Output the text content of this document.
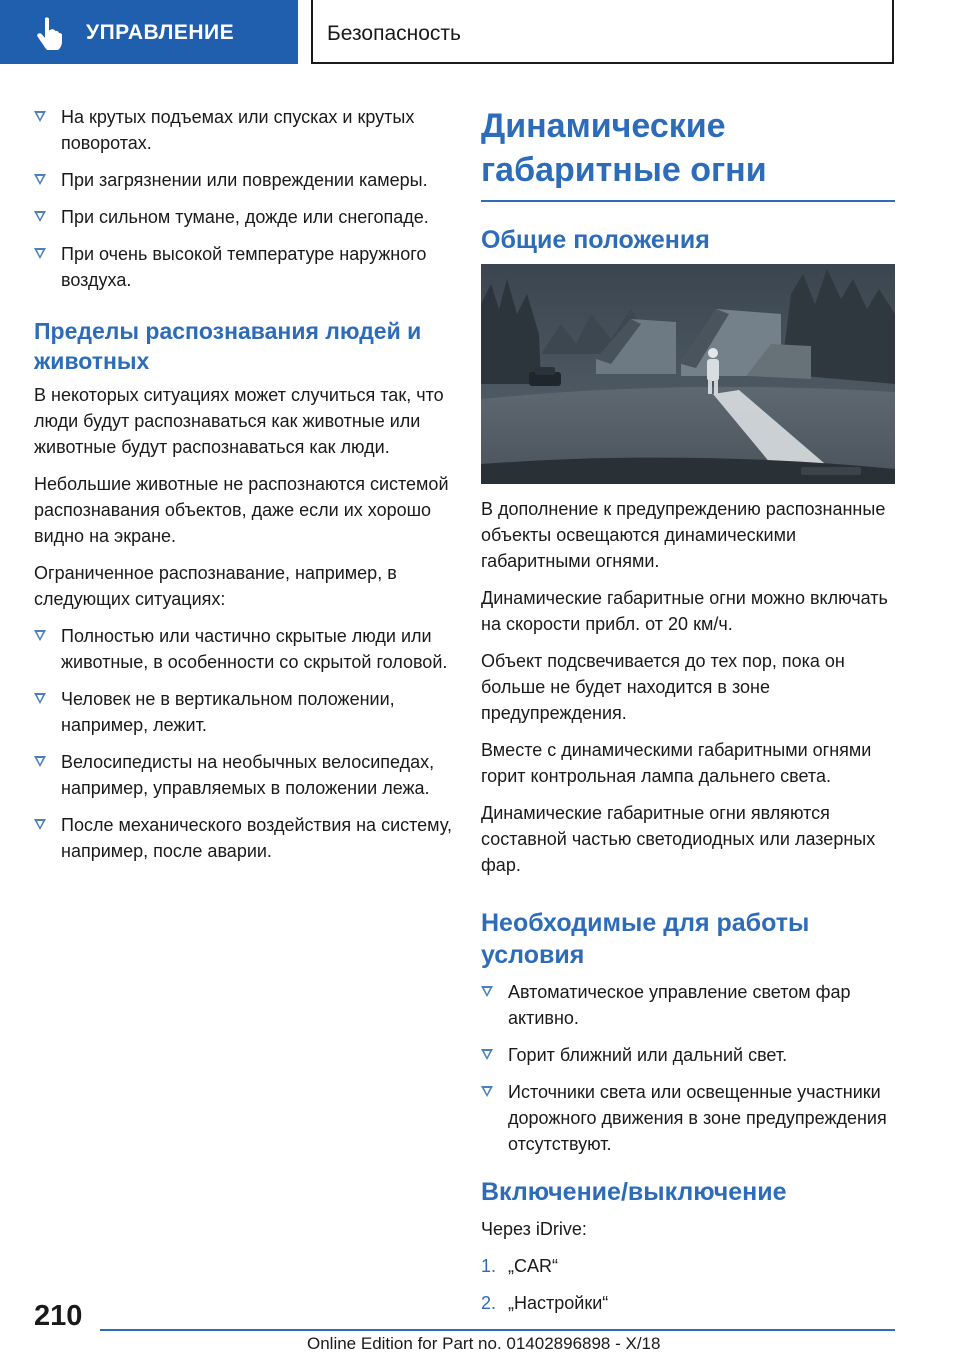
УПРАВЛЕНИЕ	Безопасность
На крутых подъемах или спусках и крутых поворотах.
При загрязнении или повреждении камеры.
При сильном тумане, дожде или снегопаде.
При очень высокой температуре наружного воздуха.
Пределы распознавания людей и животных

В некоторых ситуациях может случиться так, что люди будут распознаваться как животные или животные будут распознаваться как люди.

Небольшие животные не распознаются системой распознавания объектов, даже если их хорошо видно на экране.

Ограниченное распознавание, например, в следующих ситуациях:

Полностью или частично скрытые люди или животные, в особенности со скрытой головой.
Человек не в вертикальном положении, например, лежит.
Велосипедисты на необычных велосипедах, например, управляемых в положении лежа.
После механического воздействия на систему, например, после аварии.
Динамические габаритные огни
Общие положения

В дополнение к предупреждению распознанные объекты освещаются динамическими габаритными огнями.

Динамические габаритные огни можно включать на скорости прибл. от 20 км/ч.

Объект подсвечивается до тех пор, пока он больше не будет находится в зоне предупреждения.

Вместе с динамическими габаритными огнями горит контрольная лампа дальнего света.

Динамические габаритные огни являются составной частью светодиодных или лазерных фар.

Необходимые для работы условия
Автоматическое управление светом фар активно.
Горит ближний или дальний свет.
Источники света или освещенные участники дорожного движения в зоне предупреждения отсутствуют.
Включение/выключение

Через iDrive:

1. „CAR“
2. „Настройки“
210
Online Edition for Part no. 01402896898 - X/18
